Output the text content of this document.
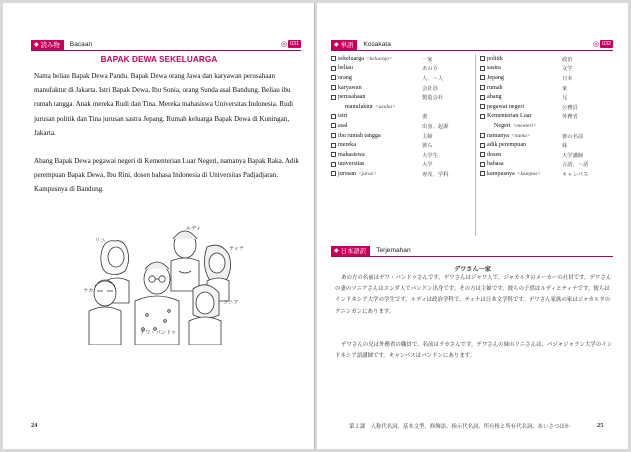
◆ 読み物 Bacaan	◎ 031
BAPAK DEWA SEKELUARGA

Nama beliau Bapak Dewa Pandu. Bapak Dewa orang Jawa dan karyawan perusahaan manufaktur di Jakarta. Istri Bapak Dewa, Ibu Sonia, orang Sunda asal Bandung. Beliau ibu rumah tangga. Anak mereka Rudi dan Tina. Mereka mahasiswa Universitas Indonesia. Rudi jurusan politik dan Tina jurusan sastra Jepang. Rumah keluarga Bapak Dewa di Kuningan, Jakarta.

Abang Bapak Dewa pegawai negeri di Kementerian Luar Negeri, namanya Bapak Raka. Adik perempuan Bapak Dewa, Ibu Rini, dosen bahasa Indonesia di Universitas Padjadjaran. Kampusnya di Bandung.

リニ
ルディ
ティナ
ラカ
ソニア
デワ・パンドゥ
24
◆ 単語 Kosakata	◎ 032
sekeluarga <keluarga>	一家
beliau	あの方
orang	人、〜人
karyawan	会社員
perusahaan	製造会社
manufaktur <usaha>
istri	妻
asal	出身、起源
ibu rumah tangga	主婦
mereka	彼ら
mahasiswa	大学生
universitas	大学
jurusan <jurus>	専攻、学科
politik	政治
sastra	文学
Jepang	日本
rumah	家
abang	兄
pegawai negeri	公務員
Kementerian Luar	外務省
Negeri <menteri>
namanya <nama>	彼の名前
adik perempuan	妹
dosen	大学講師
bahasa	言語、〜語
kampusnya <kampus>	キャンパス
◆ 日本語訳 Terjemahan
デワさん一家

あの方の名前はデワ・パンドゥさんです。デワさんはジャワ人で、ジャカルタのメーカーの社員です。デワさんの妻のソニアさんはスンダ人でバンドン出身です。その方は主婦です。彼らの子供はルディとティナです。彼らはインドネシア大学の学生です。ルディは政治学科で、ティナは日本文学科です。デワさん家族の家はジャカルタのクニンガンにあります。

デワさんの兄は外務省の職員で、名前はラカさんです。デワさんの妹のリニさんは、パジャジャラン大学のインドネシア語講師です。キャンパスはバンドンにあります。

第２課　人称代名詞、基本文型、修飾語、指示代名詞、所有格と所有代名詞、あいさつほか	25
